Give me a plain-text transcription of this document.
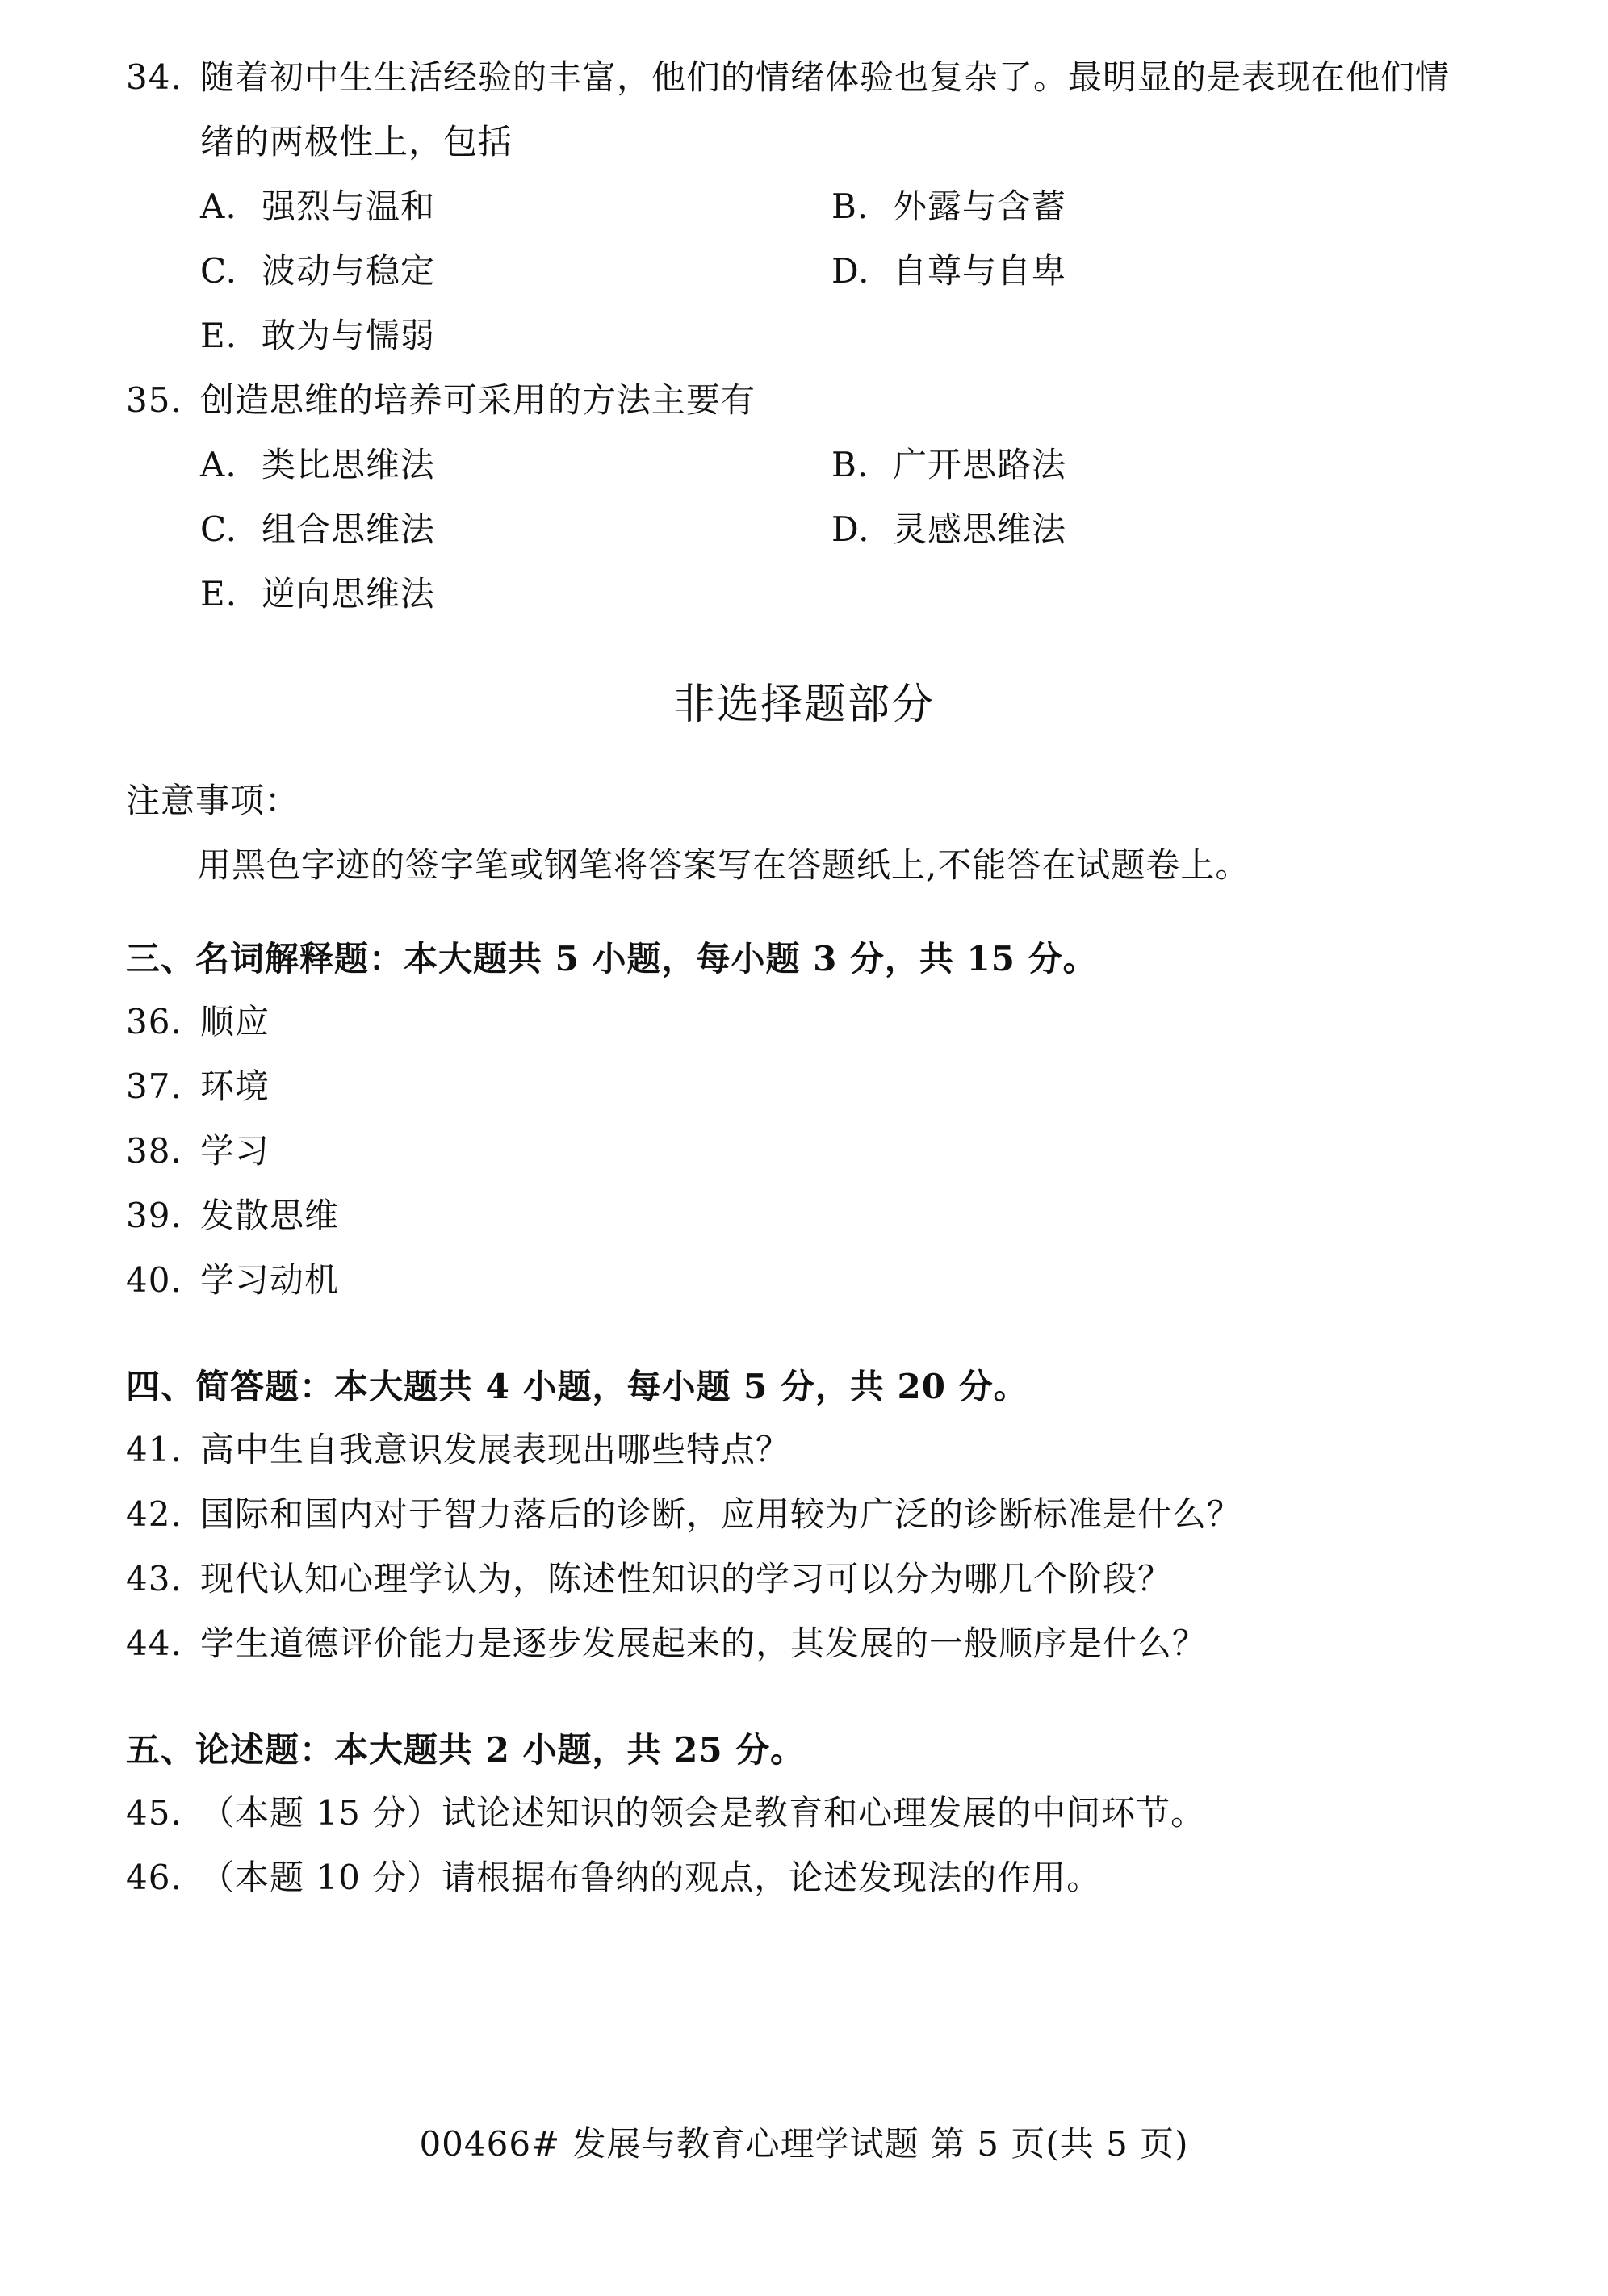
34. 随着初中生生活经验的丰富，他们的情绪体验也复杂了。最明显的是表现在他们情
绪的两极性上，包括
A. 强烈与温和	B. 外露与含蓄
C. 波动与稳定	D. 自尊与自卑
E. 敢为与懦弱
35. 创造思维的培养可采用的方法主要有
A. 类比思维法	B. 广开思路法
C. 组合思维法	D. 灵感思维法
E. 逆向思维法
非选择题部分
注意事项：
用黑色字迹的签字笔或钢笔将答案写在答题纸上,不能答在试题卷上。
三、名词解释题：本大题共 5 小题，每小题 3 分，共 15 分。
36. 顺应
37. 环境
38. 学习
39. 发散思维
40. 学习动机
四、简答题：本大题共 4 小题，每小题 5 分，共 20 分。
41. 高中生自我意识发展表现出哪些特点？
42. 国际和国内对于智力落后的诊断，应用较为广泛的诊断标准是什么？
43. 现代认知心理学认为，陈述性知识的学习可以分为哪几个阶段？
44. 学生道德评价能力是逐步发展起来的，其发展的一般顺序是什么？
五、论述题：本大题共 2 小题，共 25 分。
45. （本题 15 分）试论述知识的领会是教育和心理发展的中间环节。
46. （本题 10 分）请根据布鲁纳的观点，论述发现法的作用。
00466# 发展与教育心理学试题 第 5 页(共 5 页)
